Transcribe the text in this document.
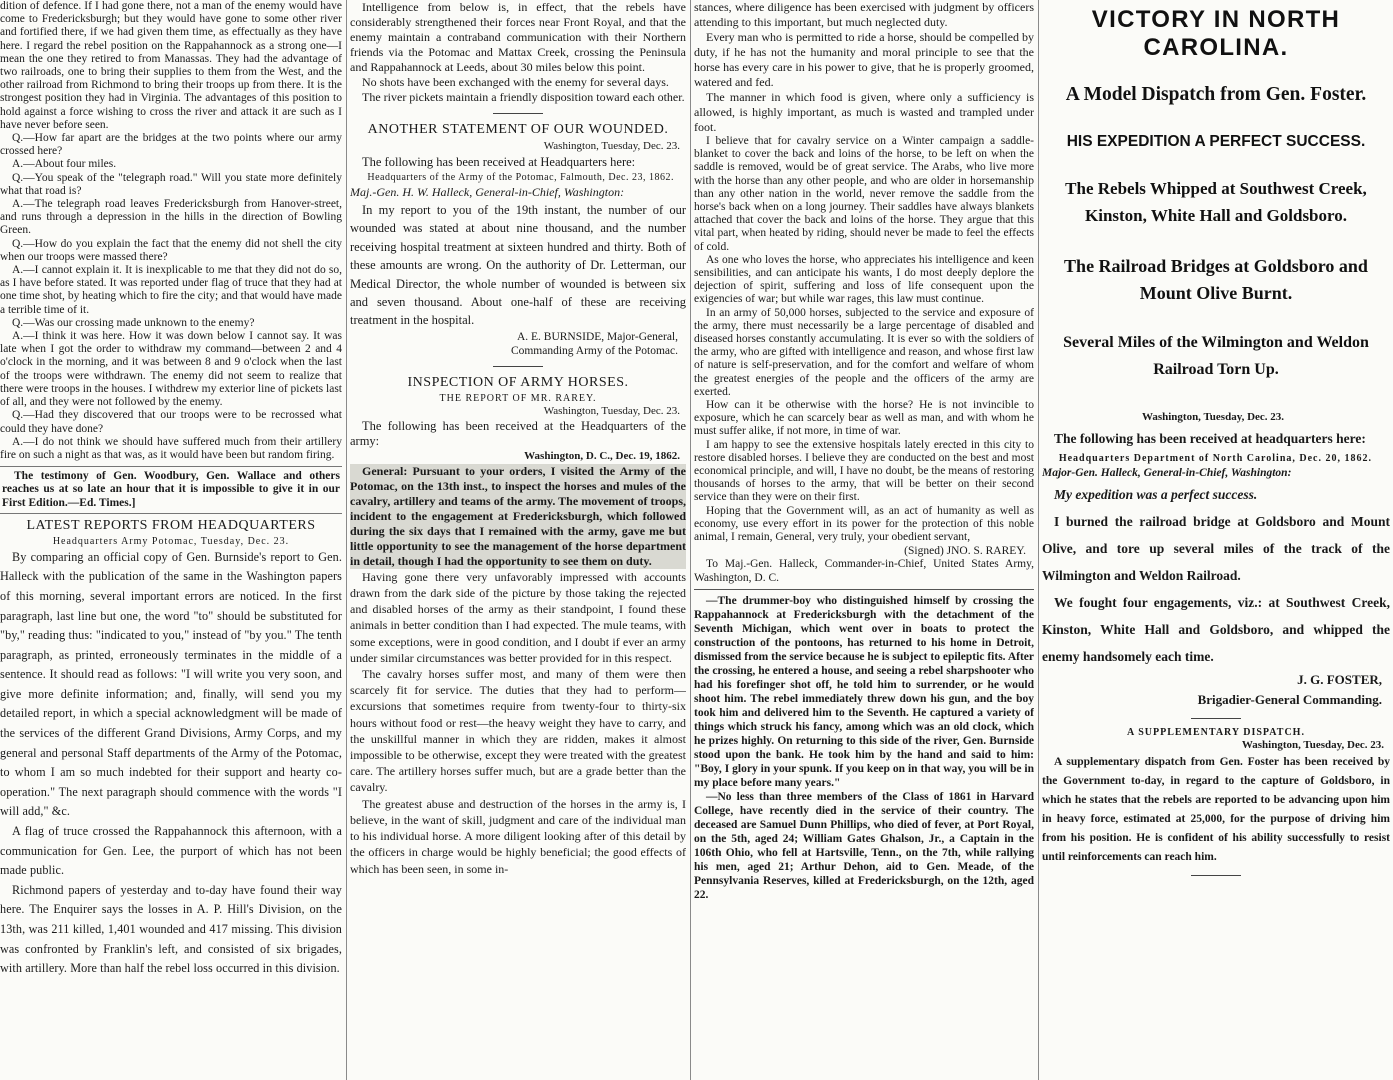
dition of defence. If I had gone there, not a man of the enemy would have come to Fredericksburgh; but they would have gone to some other river and fortified there, if we had given them time, as effectually as they have here. I regard the rebel position on the Rappahannock as a strong one—I mean the one they retired to from Manassas. They had the advantage of two railroads, one to bring their supplies to them from the West, and the other railroad from Richmond to bring their troops up from there. It is the strongest position they had in Virginia. The advantages of this position to hold against a force wishing to cross the river and attack it are such as I have never before seen.

Q.—How far apart are the bridges at the two points where our army crossed here?

A.—About four miles.

Q.—You speak of the "telegraph road." Will you state more definitely what that road is?

A.—The telegraph road leaves Fredericksburgh from Hanover-street, and runs through a depression in the hills in the direction of Bowling Green.

Q.—How do you explain the fact that the enemy did not shell the city when our troops were massed there?

A.—I cannot explain it. It is inexplicable to me that they did not do so, as I have before stated. It was reported under flag of truce that they had at one time shot, by heating which to fire the city; and that would have made a terrible time of it.

Q.—Was our crossing made unknown to the enemy?

A.—I think it was here. How it was down below I cannot say. It was late when I got the order to withdraw my command—between 2 and 4 o'clock in the morning, and it was between 8 and 9 o'clock when the last of the troops were withdrawn. The enemy did not seem to realize that there were troops in the houses. I withdrew my exterior line of pickets last of all, and they were not followed by the enemy.

Q.—Had they discovered that our troops were to be recrossed what could they have done?

A.—I do not think we should have suffered much from their artillery fire on such a night as that was, as it would have been but random firing.

The testimony of Gen. Woodbury, Gen. Wallace and others reaches us at so late an hour that it is impossible to give it in our First Edition.—Ed. Times.]

LATEST REPORTS FROM HEADQUARTERS
Headquarters Army Potomac, Tuesday, Dec. 23.

By comparing an official copy of Gen. Burnside's report to Gen. Halleck with the publication of the same in the Washington papers of this morning, several important errors are noticed. In the first paragraph, last line but one, the word "to" should be substituted for "by," reading thus: "indicated to you," instead of "by you." The tenth paragraph, as printed, erroneously terminates in the middle of a sentence. It should read as follows: "I will write you very soon, and give more definite information; and, finally, will send you my detailed report, in which a special acknowledgment will be made of the services of the different Grand Divisions, Army Corps, and my general and personal Staff departments of the Army of the Potomac, to whom I am so much indebted for their support and hearty co-operation." The next paragraph should commence with the words "I will add," &c.

A flag of truce crossed the Rappahannock this afternoon, with a communication for Gen. Lee, the purport of which has not been made public.

Richmond papers of yesterday and to-day have found their way here. The Enquirer says the losses in A. P. Hill's Division, on the 13th, was 211 killed, 1,401 wounded and 417 missing. This division was confronted by Franklin's left, and consisted of six brigades, with artillery. More than half the rebel loss occurred in this division.

Intelligence from below is, in effect, that the rebels have considerably strengthened their forces near Front Royal, and that the enemy maintain a contraband communication with their Northern friends via the Potomac and Mattax Creek, crossing the Peninsula and Rappahannock at Leeds, about 30 miles below this point.

No shots have been exchanged with the enemy for several days.

The river pickets maintain a friendly disposition toward each other.

ANOTHER STATEMENT OF OUR WOUNDED.
Washington, Tuesday, Dec. 23.

The following has been received at Headquarters here:

Headquarters of the Army of the Potomac, Falmouth, Dec. 23, 1862.

Maj.-Gen. H. W. Halleck, General-in-Chief, Washington:

In my report to you of the 19th instant, the number of our wounded was stated at about nine thousand, and the number receiving hospital treatment at sixteen hundred and thirty. Both of these amounts are wrong. On the authority of Dr. Letterman, our Medical Director, the whole number of wounded is between six and seven thousand. About one-half of these are receiving treatment in the hospital.

A. E. BURNSIDE, Major-General,
Commanding Army of the Potomac.
INSPECTION OF ARMY HORSES.
THE REPORT OF MR. RAREY.
Washington, Tuesday, Dec. 23.

The following has been received at the Headquarters of the army:

Washington, D. C., Dec. 19, 1862.

General: Pursuant to your orders, I visited the Army of the Potomac, on the 13th inst., to inspect the horses and mules of the cavalry, artillery and teams of the army. The movement of troops, incident to the engagement at Fredericksburgh, which followed during the six days that I remained with the army, gave me but little opportunity to see the management of the horse department in detail, though I had the opportunity to see them on duty.

Having gone there very unfavorably impressed with accounts drawn from the dark side of the picture by those taking the rejected and disabled horses of the army as their standpoint, I found these animals in better condition than I had expected. The mule teams, with some exceptions, were in good condition, and I doubt if ever an army under similar circumstances was better provided for in this respect.

The cavalry horses suffer most, and many of them were then scarcely fit for service. The duties that they had to perform—excursions that sometimes require from twenty-four to thirty-six hours without food or rest—the heavy weight they have to carry, and the unskillful manner in which they are ridden, makes it almost impossible to be otherwise, except they were treated with the greatest care. The artillery horses suffer much, but are a grade better than the cavalry.

The greatest abuse and destruction of the horses in the army is, I believe, in the want of skill, judgment and care of the individual man to his individual horse. A more diligent looking after of this detail by the officers in charge would be highly beneficial; the good effects of which has been seen, in some in-

stances, where diligence has been exercised with judgment by officers attending to this important, but much neglected duty.

Every man who is permitted to ride a horse, should be compelled by duty, if he has not the humanity and moral principle to see that the horse has every care in his power to give, that he is properly groomed, watered and fed.

The manner in which food is given, where only a sufficiency is allowed, is highly important, as much is wasted and trampled under foot.

I believe that for cavalry service on a Winter campaign a saddle-blanket to cover the back and loins of the horse, to be left on when the saddle is removed, would be of great service. The Arabs, who live more with the horse than any other people, and who are older in horsemanship than any other nation in the world, never remove the saddle from the horse's back when on a long journey. Their saddles have always blankets attached that cover the back and loins of the horse. They argue that this vital part, when heated by riding, should never be made to feel the effects of cold.

As one who loves the horse, who appreciates his intelligence and keen sensibilities, and can anticipate his wants, I do most deeply deplore the dejection of spirit, suffering and loss of life consequent upon the exigencies of war; but while war rages, this law must continue.

In an army of 50,000 horses, subjected to the service and exposure of the army, there must necessarily be a large percentage of disabled and diseased horses constantly accumulating. It is ever so with the soldiers of the army, who are gifted with intelligence and reason, and whose first law of nature is self-preservation, and for the comfort and welfare of whom the greatest energies of the people and the officers of the army are exerted.

How can it be otherwise with the horse? He is not invincible to exposure, which he can scarcely bear as well as man, and with whom he must suffer alike, if not more, in time of war.

I am happy to see the extensive hospitals lately erected in this city to restore disabled horses. I believe they are conducted on the best and most economical principle, and will, I have no doubt, be the means of restoring thousands of horses to the army, that will be better on their second service than they were on their first.

Hoping that the Government will, as an act of humanity as well as economy, use every effort in its power for the protection of this noble animal, I remain, General, very truly, your obedient servant,

(Signed) JNO. S. RAREY.

To Maj.-Gen. Halleck, Commander-in-Chief, United States Army, Washington, D. C.

—The drummer-boy who distinguished himself by crossing the Rappahannock at Fredericksburgh with the detachment of the Seventh Michigan, which went over in boats to protect the construction of the pontoons, has returned to his home in Detroit, dismissed from the service because he is subject to epileptic fits. After the crossing, he entered a house, and seeing a rebel sharpshooter who had his forefinger shot off, he told him to surrender, or he would shoot him. The rebel immediately threw down his gun, and the boy took him and delivered him to the Seventh. He captured a variety of things which struck his fancy, among which was an old clock, which he prizes highly. On returning to this side of the river, Gen. Burnside stood upon the bank. He took him by the hand and said to him: "Boy, I glory in your spunk. If you keep on in that way, you will be in my place before many years."

—No less than three members of the Class of 1861 in Harvard College, have recently died in the service of their country. The deceased are Samuel Dunn Phillips, who died of fever, at Port Royal, on the 5th, aged 24; William Gates Ghalson, Jr., a Captain in the 106th Ohio, who fell at Hartsville, Tenn., on the 7th, while rallying his men, aged 21; Arthur Dehon, aid to Gen. Meade, of the Pennsylvania Reserves, killed at Fredericksburgh, on the 12th, aged 22.

VICTORY IN NORTH CAROLINA.
A Model Dispatch from Gen. Foster.
HIS EXPEDITION A PERFECT SUCCESS.
The Rebels Whipped at Southwest Creek, Kinston, White Hall and Goldsboro.
The Railroad Bridges at Goldsboro and Mount Olive Burnt.
Several Miles of the Wilmington and Weldon Railroad Torn Up.
Washington, Tuesday, Dec. 23.

The following has been received at headquarters here:

Headquarters Department of North Carolina, Dec. 20, 1862.

Major-Gen. Halleck, General-in-Chief, Washington:

My expedition was a perfect success.

I burned the railroad bridge at Goldsboro and Mount Olive, and tore up several miles of the track of the Wilmington and Weldon Railroad.

We fought four engagements, viz.: at Southwest Creek, Kinston, White Hall and Goldsboro, and whipped the enemy handsomely each time.

J. G. FOSTER,
Brigadier-General Commanding.
A SUPPLEMENTARY DISPATCH.
Washington, Tuesday, Dec. 23.

A supplementary dispatch from Gen. Foster has been received by the Government to-day, in regard to the capture of Goldsboro, in which he states that the rebels are reported to be advancing upon him in heavy force, estimated at 25,000, for the purpose of driving him from his position. He is confident of his ability successfully to resist until reinforcements can reach him.
